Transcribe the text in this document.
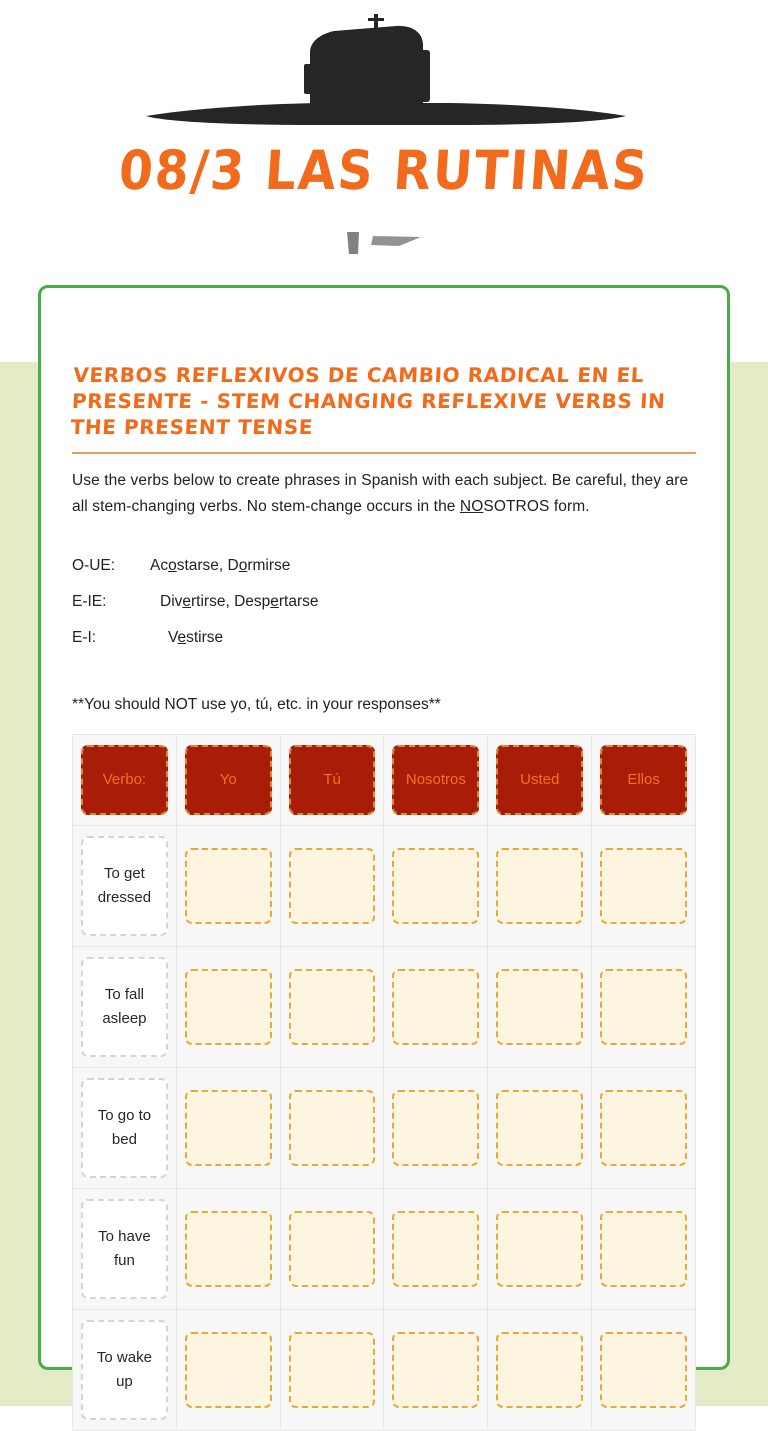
08/3 LAS RUTINAS
VERBOS REFLEXIVOS DE CAMBIO RADICAL EN EL PRESENTE - STEM CHANGING REFLEXIVE VERBS IN THE PRESENT TENSE

Use the verbs below to create phrases in Spanish with each subject. Be careful, they are all stem-changing verbs. No stem-change occurs in the NOSOTROS form.

O-UE:	Acostarse, Dormirse
E-IE:	Divertirse, Despertarse
E-I:	Vestirse

**You should NOT use yo, tú, etc. in your responses**

Verbo:	Yo	Tú	Nosotros	Usted	Ellos

To get dressed					

To fall asleep					

To go to bed					

To have fun					

To wake up					
